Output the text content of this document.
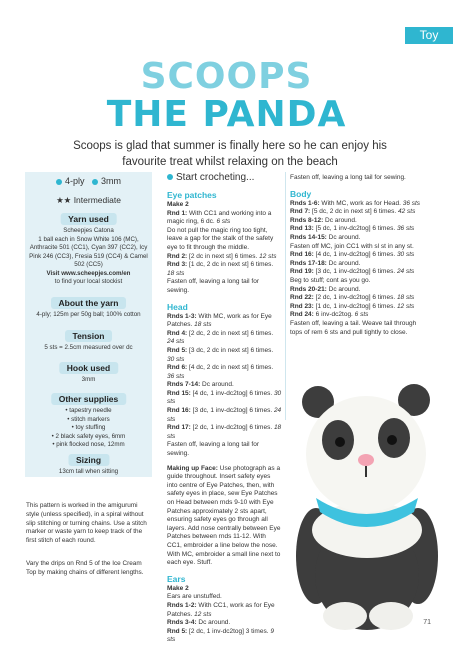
Toy
SCOOPS
THE PANDA
Scoops is glad that summer is finally here so he can enjoy his favourite treat whilst relaxing on the beach
4-ply 3mm
★★ Intermediate
Yarn used
Scheepjes Catona
1 ball each in Snow White 106 (MC), Anthracite 501 (CC1), Cyan 397 (CC2), Icy Pink 246 (CC3), Fresia 519 (CC4) & Camel 502 (CC5)
Visit www.scheepjes.com/en
to find your local stockist
About the yarn
4-ply; 125m per 50g ball; 100% cotton
Tension
5 sts = 2.5cm measured over dc
Hook used
3mm
Other supplies
• tapestry needle
• stitch markers
• toy stuffing
• 2 black safety eyes, 6mm
• pink flocked nose, 12mm
Sizing
13cm tall when sitting
This pattern is worked in the amigurumi style (unless specified), in a spiral without slip stitching or turning chains. Use a stitch marker or waste yarn to keep track of the first stitch of each round.
Vary the drips on Rnd 5 of the Ice Cream Top by making chains of different lengths.
Start crocheting...
Eye patches

Make 2

Rnd 1: With CC1 and working into a magic ring, 6 dc. 6 sts

Do not pull the magic ring too tight, leave a gap for the stalk of the safety eye to fit through the middle.

Rnd 2: [2 dc in next st] 6 times. 12 sts

Rnd 3: [1 dc, 2 dc in next st] 6 times. 18 sts

Fasten off, leaving a long tail for sewing.

Head

Rnds 1-3: With MC, work as for Eye Patches. 18 sts

Rnd 4: [2 dc, 2 dc in next st] 6 times. 24 sts

Rnd 5: [3 dc, 2 dc in next st] 6 times. 30 sts

Rnd 6: [4 dc, 2 dc in next st] 6 times. 36 sts

Rnds 7-14: Dc around.

Rnd 15: [4 dc, 1 inv-dc2tog] 6 times. 30 sts

Rnd 16: [3 dc, 1 inv-dc2tog] 6 times. 24 sts

Rnd 17: [2 dc, 1 inv-dc2tog] 6 times. 18 sts

Fasten off, leaving a long tail for sewing.

Making up Face: Use photograph as a guide throughout. Insert safety eyes into centre of Eye Patches, then, with safety eyes in place, sew Eye Patches on Head between rnds 9-10 with Eye Patches approximately 2 sts apart, ensuring safety eyes go through all layers. Add nose centrally between Eye Patches between rnds 11-12. With CC1, embroider a line below the nose. With MC, embroider a small line next to each eye. Stuff.

Ears

Make 2

Ears are unstuffed.

Rnds 1-2: With CC1, work as for Eye Patches. 12 sts

Rnds 3-4: Dc around.

Rnd 5: [2 dc, 1 inv-dc2tog] 3 times. 9 sts

Fasten off, leaving a long tail for sewing.

Body

Rnds 1-6: With MC, work as for Head. 36 sts

Rnd 7: [5 dc, 2 dc in next st] 6 times. 42 sts

Rnds 8-12: Dc around.

Rnd 13: [5 dc, 1 inv-dc2tog] 6 times. 36 sts

Rnds 14-15: Dc around.

Fasten off MC, join CC1 with sl st in any st.

Rnd 16: [4 dc, 1 inv-dc2tog] 6 times. 30 sts

Rnds 17-18: Dc around.

Rnd 19: [3 dc, 1 inv-dc2tog] 6 times. 24 sts

Beg to stuff; cont as you go.

Rnds 20-21: Dc around.

Rnd 22: [2 dc, 1 inv-dc2tog] 6 times. 18 sts

Rnd 23: [1 dc, 1 inv-dc2tog] 6 times. 12 sts

Rnd 24: 6 inv-dc2tog. 6 sts

Fasten off, leaving a tail. Weave tail through tops of rem 6 sts and pull tightly to close.

71
